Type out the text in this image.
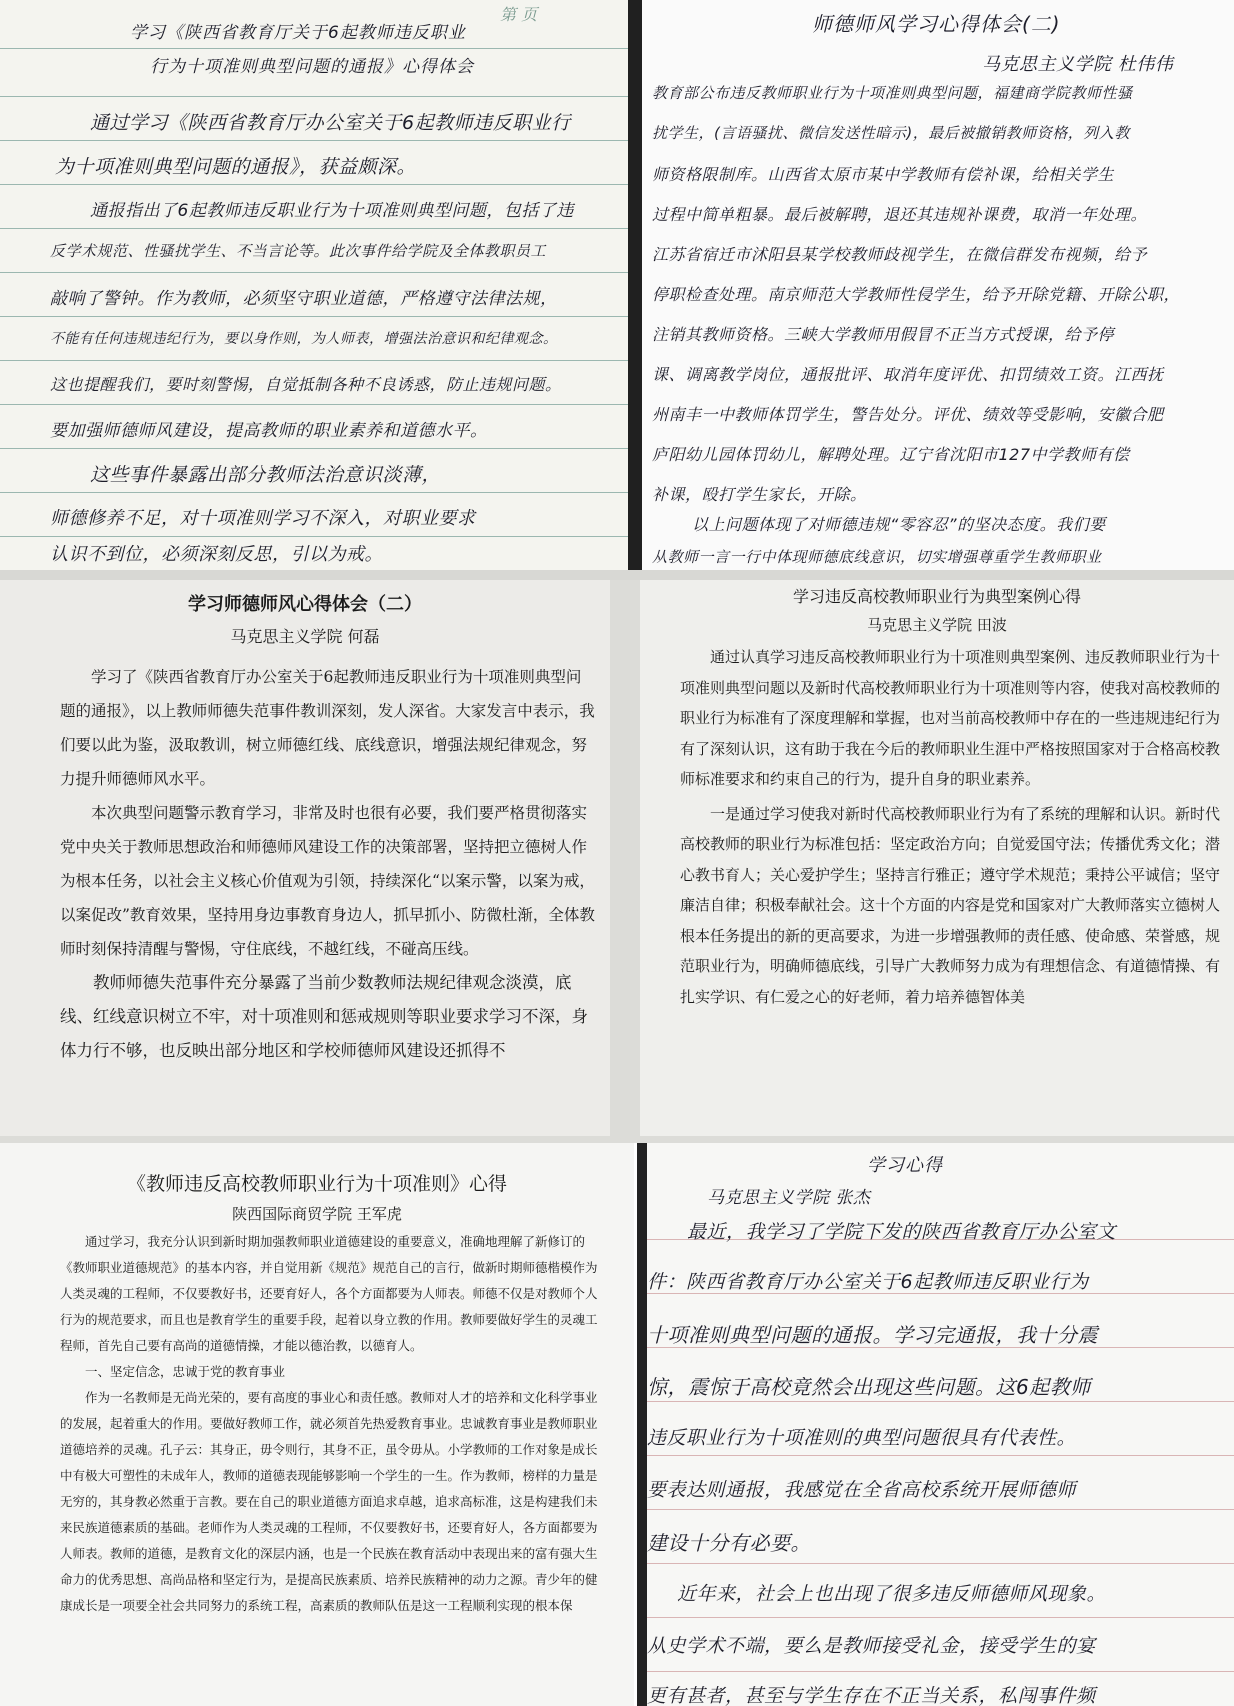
第 页
学习《陕西省教育厅关于6起教师违反职业
行为十项准则典型问题的通报》心得体会
通过学习《陕西省教育厅办公室关于6起教师违反职业行
为十项准则典型问题的通报》，获益颇深。
通报指出了6起教师违反职业行为十项准则典型问题，包括了违
反学术规范、性骚扰学生、不当言论等。此次事件给学院及全体教职员工
敲响了警钟。作为教师，必须坚守职业道德，严格遵守法律法规，
不能有任何违规违纪行为，要以身作则，为人师表，增强法治意识和纪律观念。
这也提醒我们，要时刻警惕，自觉抵制各种不良诱惑，防止违规问题。
要加强师德师风建设，提高教师的职业素养和道德水平。
这些事件暴露出部分教师法治意识淡薄，
师德修养不足，对十项准则学习不深入，对职业要求
认识不到位，必须深刻反思，引以为戒。
师德师风学习心得体会(二)
马克思主义学院 杜伟伟
教育部公布违反教师职业行为十项准则典型问题，福建商学院教师性骚
扰学生，(言语骚扰、微信发送性暗示)，最后被撤销教师资格，列入教
师资格限制库。山西省太原市某中学教师有偿补课，给相关学生
过程中简单粗暴。最后被解聘，退还其违规补课费，取消一年处理。
江苏省宿迁市沭阳县某学校教师歧视学生，在微信群发布视频，给予
停职检查处理。南京师范大学教师性侵学生，给予开除党籍、开除公职，
注销其教师资格。三峡大学教师用假冒不正当方式授课，给予停
课、调离教学岗位，通报批评、取消年度评优、扣罚绩效工资。江西抚
州南丰一中教师体罚学生，警告处分。评优、绩效等受影响，安徽合肥
庐阳幼儿园体罚幼儿，解聘处理。辽宁省沈阳市127中学教师有偿
补课，殴打学生家长，开除。
以上问题体现了对师德违规“零容忍”的坚决态度。我们要
从教师一言一行中体现师德底线意识，切实增强尊重学生教师职业
学习师德师风心得体会（二）
马克思主义学院 何磊

学习了《陕西省教育厅办公室关于6起教师违反职业行为十项准则典型问题的通报》，以上教师师德失范事件教训深刻，发人深省。大家发言中表示，我们要以此为鉴，汲取教训，树立师德红线、底线意识，增强法规纪律观念，努力提升师德师风水平。

本次典型问题警示教育学习，非常及时也很有必要，我们要严格贯彻落实党中央关于教师思想政治和师德师风建设工作的决策部署，坚持把立德树人作为根本任务，以社会主义核心价值观为引领，持续深化“以案示警，以案为戒，以案促改”教育效果，坚持用身边事教育身边人，抓早抓小、防微杜渐，全体教师时刻保持清醒与警惕，守住底线，不越红线，不碰高压线。

教师师德失范事件充分暴露了当前少数教师法规纪律观念淡漠，底线、红线意识树立不牢，对十项准则和惩戒规则等职业要求学习不深，身体力行不够，也反映出部分地区和学校师德师风建设还抓得不

学习违反高校教师职业行为典型案例心得
马克思主义学院 田波

通过认真学习违反高校教师职业行为十项准则典型案例、违反教师职业行为十项准则典型问题以及新时代高校教师职业行为十项准则等内容，使我对高校教师的职业行为标准有了深度理解和掌握，也对当前高校教师中存在的一些违规违纪行为有了深刻认识，这有助于我在今后的教师职业生涯中严格按照国家对于合格高校教师标准要求和约束自己的行为，提升自身的职业素养。

一是通过学习使我对新时代高校教师职业行为有了系统的理解和认识。新时代高校教师的职业行为标准包括：坚定政治方向；自觉爱国守法；传播优秀文化；潜心教书育人；关心爱护学生；坚持言行雅正；遵守学术规范；秉持公平诚信；坚守廉洁自律；积极奉献社会。这十个方面的内容是党和国家对广大教师落实立德树人根本任务提出的新的更高要求，为进一步增强教师的责任感、使命感、荣誉感，规范职业行为，明确师德底线，引导广大教师努力成为有理想信念、有道德情操、有扎实学识、有仁爱之心的好老师，着力培养德智体美

《教师违反高校教师职业行为十项准则》心得
陕西国际商贸学院 王军虎

通过学习，我充分认识到新时期加强教师职业道德建设的重要意义，准确地理解了新修订的《教师职业道德规范》的基本内容，并自觉用新《规范》规范自己的言行，做新时期师德楷模作为人类灵魂的工程师，不仅要教好书，还要育好人，各个方面都要为人师表。师德不仅是对教师个人行为的规范要求，而且也是教育学生的重要手段，起着以身立教的作用。教师要做好学生的灵魂工程师，首先自己要有高尚的道德情操，才能以德治教，以德育人。

一、坚定信念，忠诚于党的教育事业

作为一名教师是无尚光荣的，要有高度的事业心和责任感。教师对人才的培养和文化科学事业的发展，起着重大的作用。要做好教师工作，就必须首先热爱教育事业。忠诚教育事业是教师职业道德培养的灵魂。孔子云：其身正，毋令则行，其身不正，虽令毋从。小学教师的工作对象是成长中有极大可塑性的未成年人，教师的道德表现能够影响一个学生的一生。作为教师，榜样的力量是无穷的，其身教必然重于言教。要在自己的职业道德方面追求卓越，追求高标准，这是构建我们未来民族道德素质的基础。老师作为人类灵魂的工程师，不仅要教好书，还要育好人，各方面都要为人师表。教师的道德，是教育文化的深层内涵，也是一个民族在教育活动中表现出来的富有强大生命力的优秀思想、高尚品格和坚定行为，是提高民族素质、培养民族精神的动力之源。青少年的健康成长是一项要全社会共同努力的系统工程，高素质的教师队伍是这一工程顺利实现的根本保

学习心得
马克思主义学院 张杰
最近，我学习了学院下发的陕西省教育厅办公室文
件：陕西省教育厅办公室关于6起教师违反职业行为
十项准则典型问题的通报。学习完通报，我十分震
惊，震惊于高校竟然会出现这些问题。这6起教师
违反职业行为十项准则的典型问题很具有代表性。
要表达则通报，我感觉在全省高校系统开展师德师
建设十分有必要。
近年来，社会上也出现了很多违反师德师风现象。
从史学术不端，要么是教师接受礼金，接受学生的宴
更有甚者，甚至与学生存在不正当关系，私闯事件频
